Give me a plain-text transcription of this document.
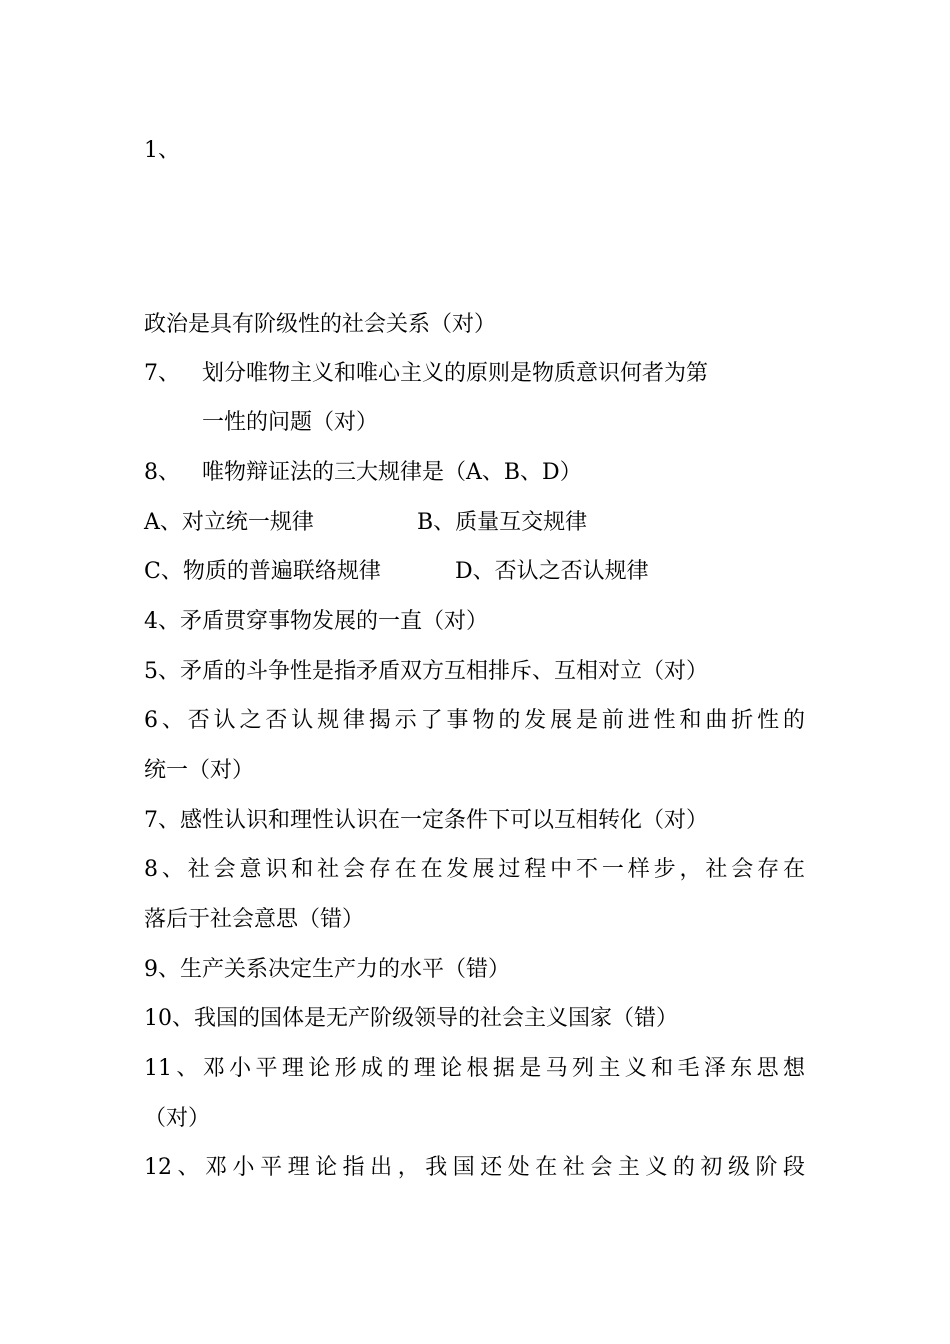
1、
政治是具有阶级性的社会关系（对）
7、 划分唯物主义和唯心主义的原则是物质意识何者为第
一性的问题（对）
8、 唯物辩证法的三大规律是（A、B、D）
A、对立统一规律	B、质量互交规律
C、物质的普遍联络规律	D、否认之否认规律
4、矛盾贯穿事物发展的一直（对）
5、矛盾的斗争性是指矛盾双方互相排斥、互相对立（对）
6、否认之否认规律揭示了事物的发展是前进性和曲折性的
统一（对）
7、感性认识和理性认识在一定条件下可以互相转化（对）
8、社会意识和社会存在在发展过程中不一样步，社会存在
落后于社会意思（错）
9、生产关系决定生产力的水平（错）
10、我国的国体是无产阶级领导的社会主义国家（错）
11、邓小平理论形成的理论根据是马列主义和毛泽东思想
（对）
12、邓小平理论指出，我国还处在社会主义的初级阶段
